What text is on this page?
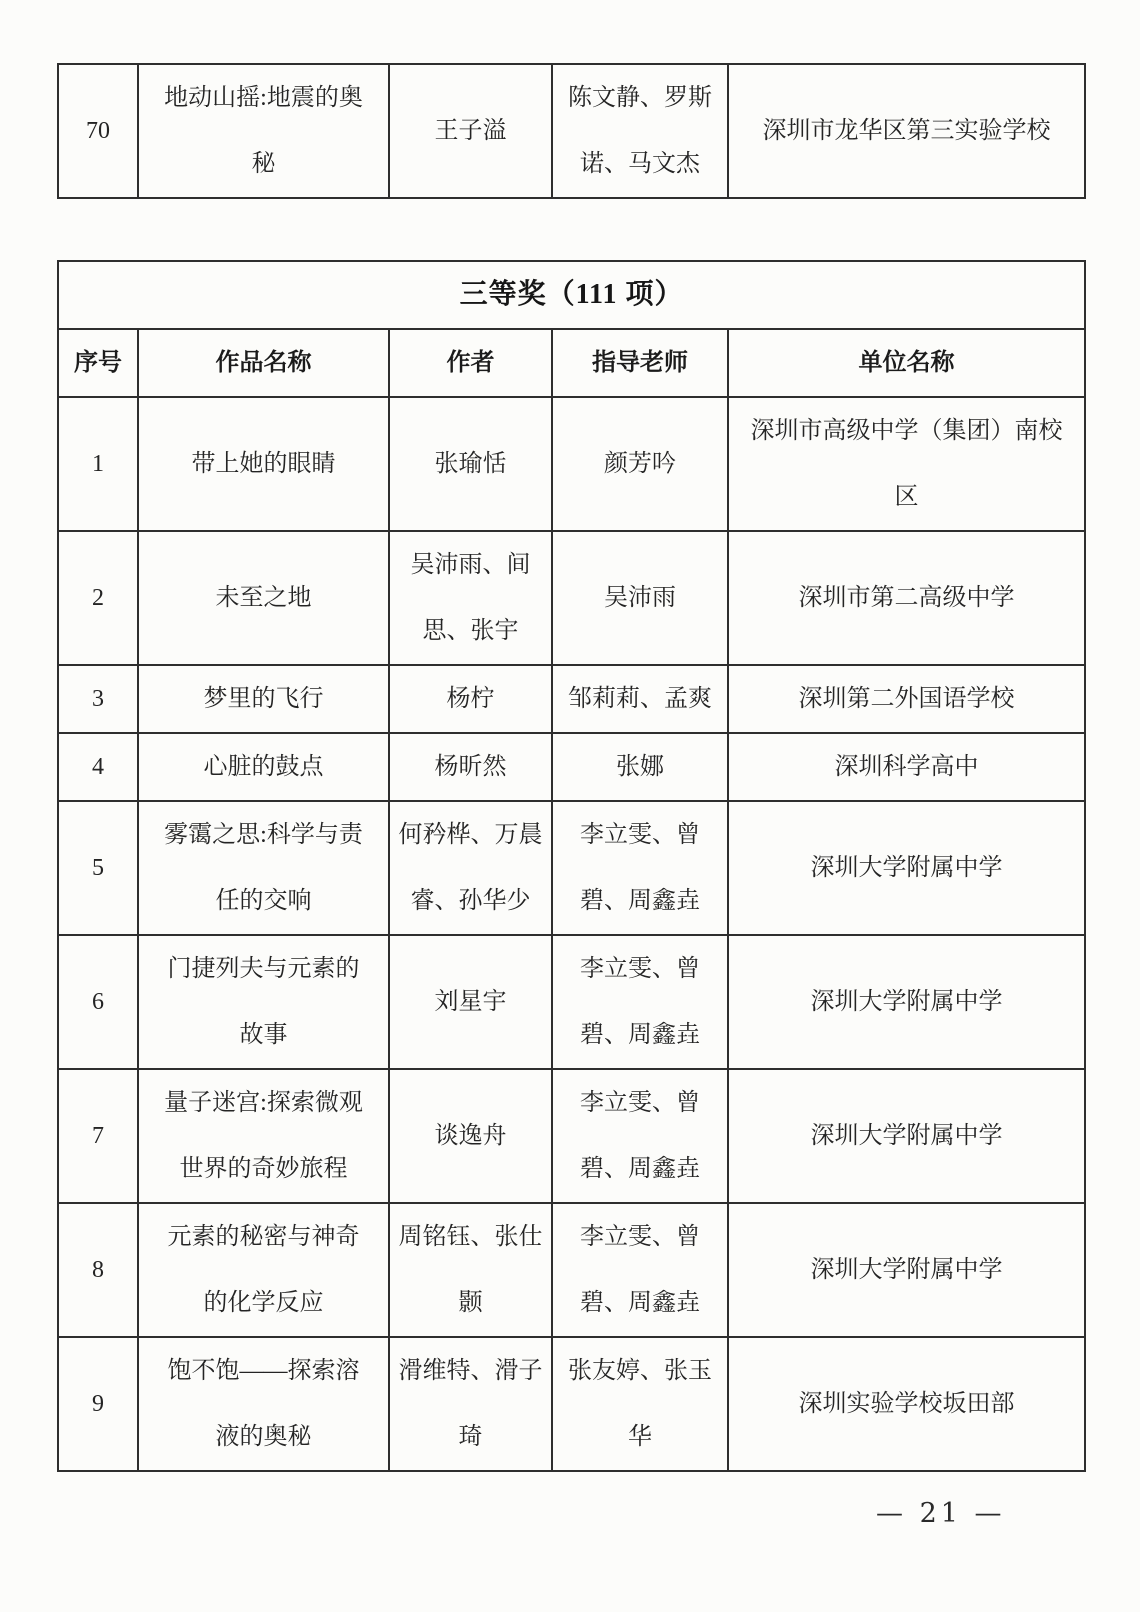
70	地动山摇:地震的奥秘	王子溢	陈文静、罗斯诺、马文杰	深圳市龙华区第三实验学校
三等奖（111 项）				
序号	作品名称	作者	指导老师	单位名称
1	带上她的眼睛	张瑜恬	颜芳吟	深圳市高级中学（集团）南校区
2	未至之地	吴沛雨、间思、张宇	吴沛雨	深圳市第二高级中学
3	梦里的飞行	杨柠	邹莉莉、孟爽	深圳第二外国语学校
4	心脏的鼓点	杨昕然	张娜	深圳科学高中
5	雾霭之思:科学与责任的交响	何矜桦、万晨睿、孙华少	李立雯、曾碧、周鑫垚	深圳大学附属中学
6	门捷列夫与元素的故事	刘星宇	李立雯、曾碧、周鑫垚	深圳大学附属中学
7	量子迷宫:探索微观世界的奇妙旅程	谈逸舟	李立雯、曾碧、周鑫垚	深圳大学附属中学
8	元素的秘密与神奇的化学反应	周铭钰、张仕颢	李立雯、曾碧、周鑫垚	深圳大学附属中学
9	饱不饱——探索溶液的奥秘	滑维特、滑子琦	张友婷、张玉华	深圳实验学校坂田部
— 21 —
